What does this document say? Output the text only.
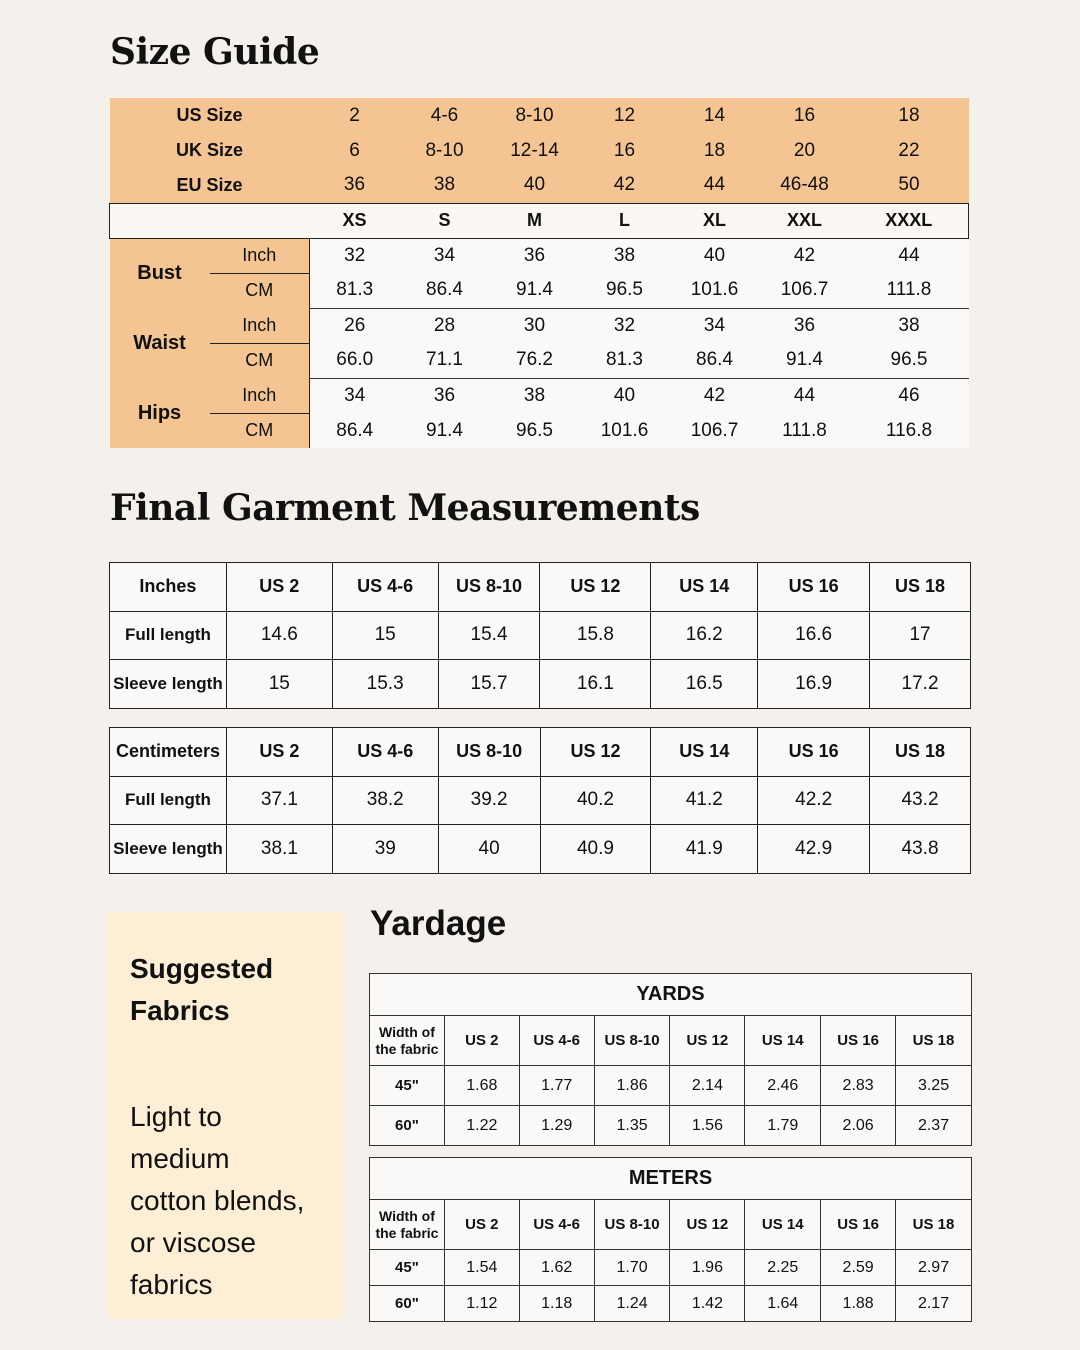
Size Guide
US Size		2	4-6	8-10	12	14	16	18
UK Size		6	8-10	12-14	16	18	20	22
EU Size		36	38	40	42	44	46-48	50
		XS	S	M	L	XL	XXL	XXXL
Bust	Inch	32	34	36	38	40	42	44
	CM	81.3	86.4	91.4	96.5	101.6	106.7	111.8
Waist	Inch	26	28	30	32	34	36	38
	CM	66.0	71.1	76.2	81.3	86.4	91.4	96.5
Hips	Inch	34	36	38	40	42	44	46
	CM	86.4	91.4	96.5	101.6	106.7	111.8	116.8
Final Garment Measurements
Inches	US 2	US 4-6	US 8-10	US 12	US 14	US 16	US 18
Full length	14.6	15	15.4	15.8	16.2	16.6	17
Sleeve length	15	15.3	15.7	16.1	16.5	16.9	17.2
Centimeters	US 2	US 4-6	US 8-10	US 12	US 14	US 16	US 18
Full length	37.1	38.2	39.2	40.2	41.2	42.2	43.2
Sleeve length	38.1	39	40	40.9	41.9	42.9	43.8
Suggested
Fabrics
Light to
medium
cotton blends,
or viscose
fabrics
Yardage
YARDS							

Width of
the fabric	US 2	US 4-6	US 8-10	US 12	US 14	US 16	US 18
45"	1.68	1.77	1.86	2.14	2.46	2.83	3.25
60"	1.22	1.29	1.35	1.56	1.79	2.06	2.37
METERS							

Width of
the fabric	US 2	US 4-6	US 8-10	US 12	US 14	US 16	US 18
45"	1.54	1.62	1.70	1.96	2.25	2.59	2.97
60"	1.12	1.18	1.24	1.42	1.64	1.88	2.17
